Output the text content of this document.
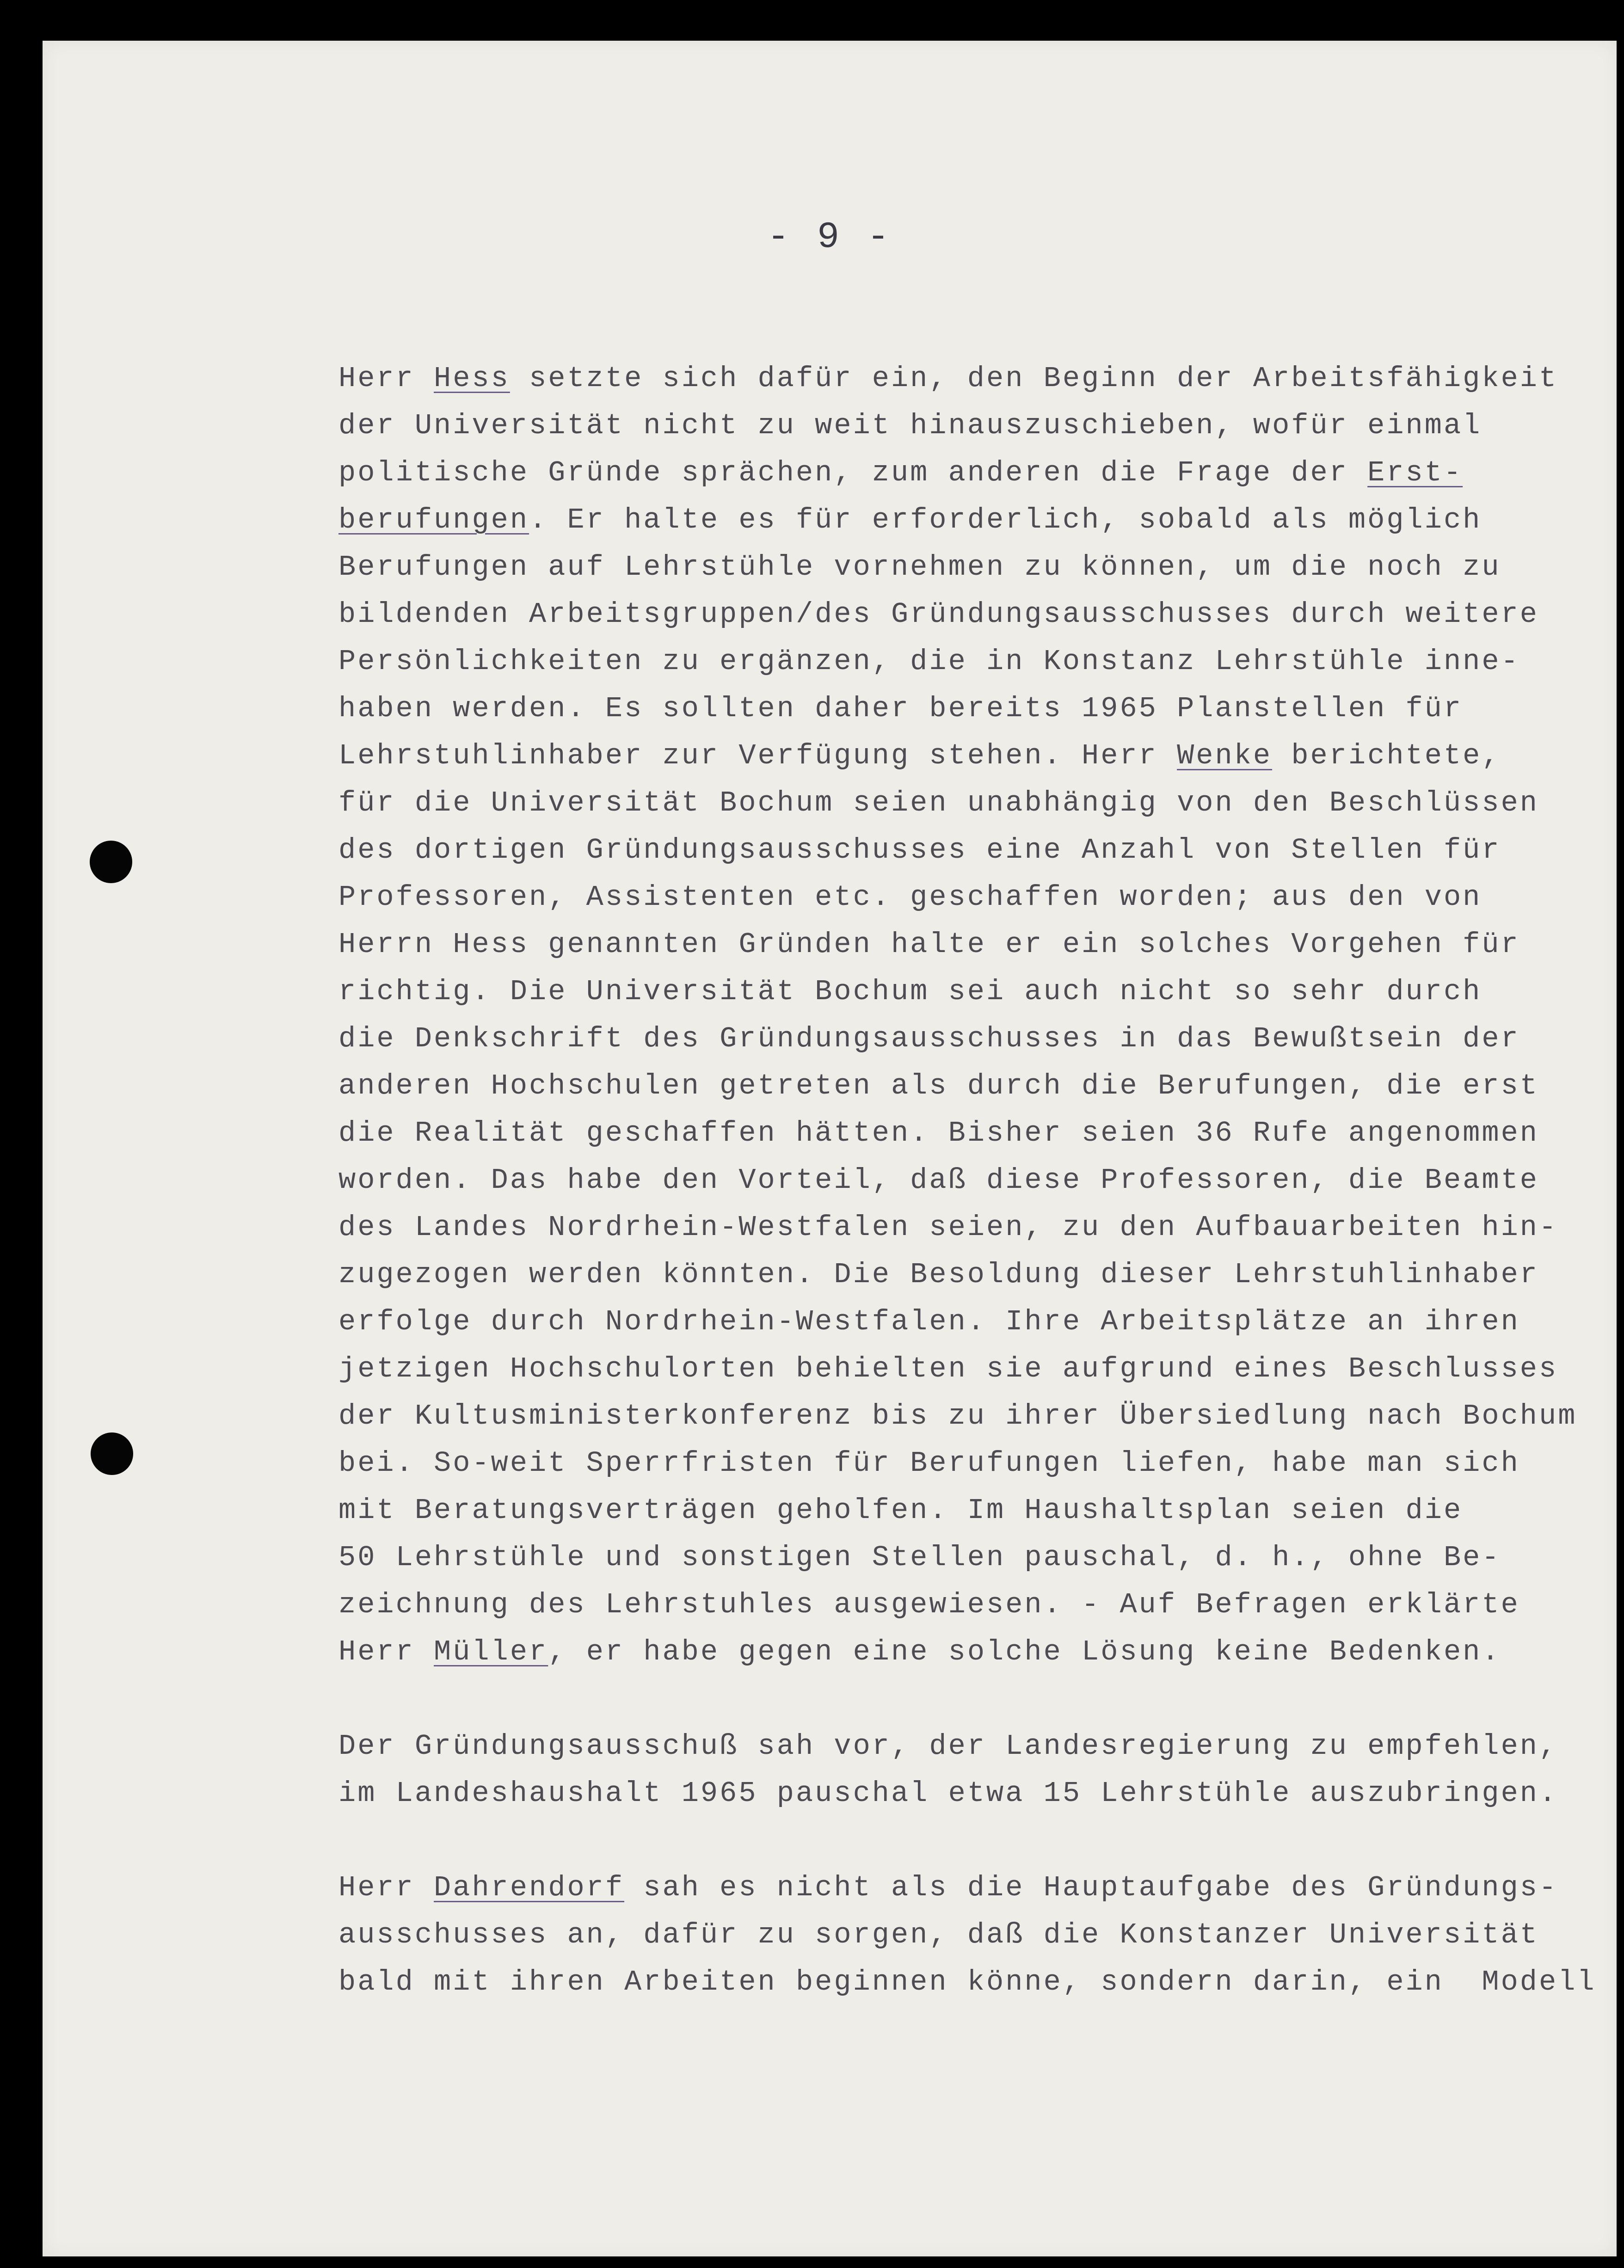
- 9 -
Herr Hess setzte sich dafür ein, den Beginn der Arbeitsfähigkeit
der Universität nicht zu weit hinauszuschieben, wofür einmal
politische Gründe sprächen, zum anderen die Frage der Erst-
berufungen. Er halte es für erforderlich, sobald als möglich
Berufungen auf Lehrstühle vornehmen zu können, um die noch zu
bildenden Arbeitsgruppen/des Gründungsausschusses durch weitere
Persönlichkeiten zu ergänzen, die in Konstanz Lehrstühle inne-
haben werden. Es sollten daher bereits 1965 Planstellen für
Lehrstuhlinhaber zur Verfügung stehen. Herr Wenke berichtete,
für die Universität Bochum seien unabhängig von den Beschlüssen
des dortigen Gründungsausschusses eine Anzahl von Stellen für
Professoren, Assistenten etc. geschaffen worden; aus den von
Herrn Hess genannten Gründen halte er ein solches Vorgehen für
richtig. Die Universität Bochum sei auch nicht so sehr durch
die Denkschrift des Gründungsausschusses in das Bewußtsein der
anderen Hochschulen getreten als durch die Berufungen, die erst
die Realität geschaffen hätten. Bisher seien 36 Rufe angenommen
worden. Das habe den Vorteil, daß diese Professoren, die Beamte
des Landes Nordrhein-Westfalen seien, zu den Aufbauarbeiten hin-
zugezogen werden könnten. Die Besoldung dieser Lehrstuhlinhaber
erfolge durch Nordrhein-Westfalen. Ihre Arbeitsplätze an ihren
jetzigen Hochschulorten behielten sie aufgrund eines Beschlusses
der Kultusministerkonferenz bis zu ihrer Übersiedlung nach Bochum
bei. So-weit Sperrfristen für Berufungen liefen, habe man sich
mit Beratungsverträgen geholfen. Im Haushaltsplan seien die
50 Lehrstühle und sonstigen Stellen pauschal, d. h., ohne Be-
zeichnung des Lehrstuhles ausgewiesen. - Auf Befragen erklärte
Herr Müller, er habe gegen eine solche Lösung keine Bedenken.
Der Gründungsausschuß sah vor, der Landesregierung zu empfehlen,
im Landeshaushalt 1965 pauschal etwa 15 Lehrstühle auszubringen.
Herr Dahrendorf sah es nicht als die Hauptaufgabe des Gründungs-
ausschusses an, dafür zu sorgen, daß die Konstanzer Universität
bald mit ihren Arbeiten beginnen könne, sondern darin, ein  Modell
